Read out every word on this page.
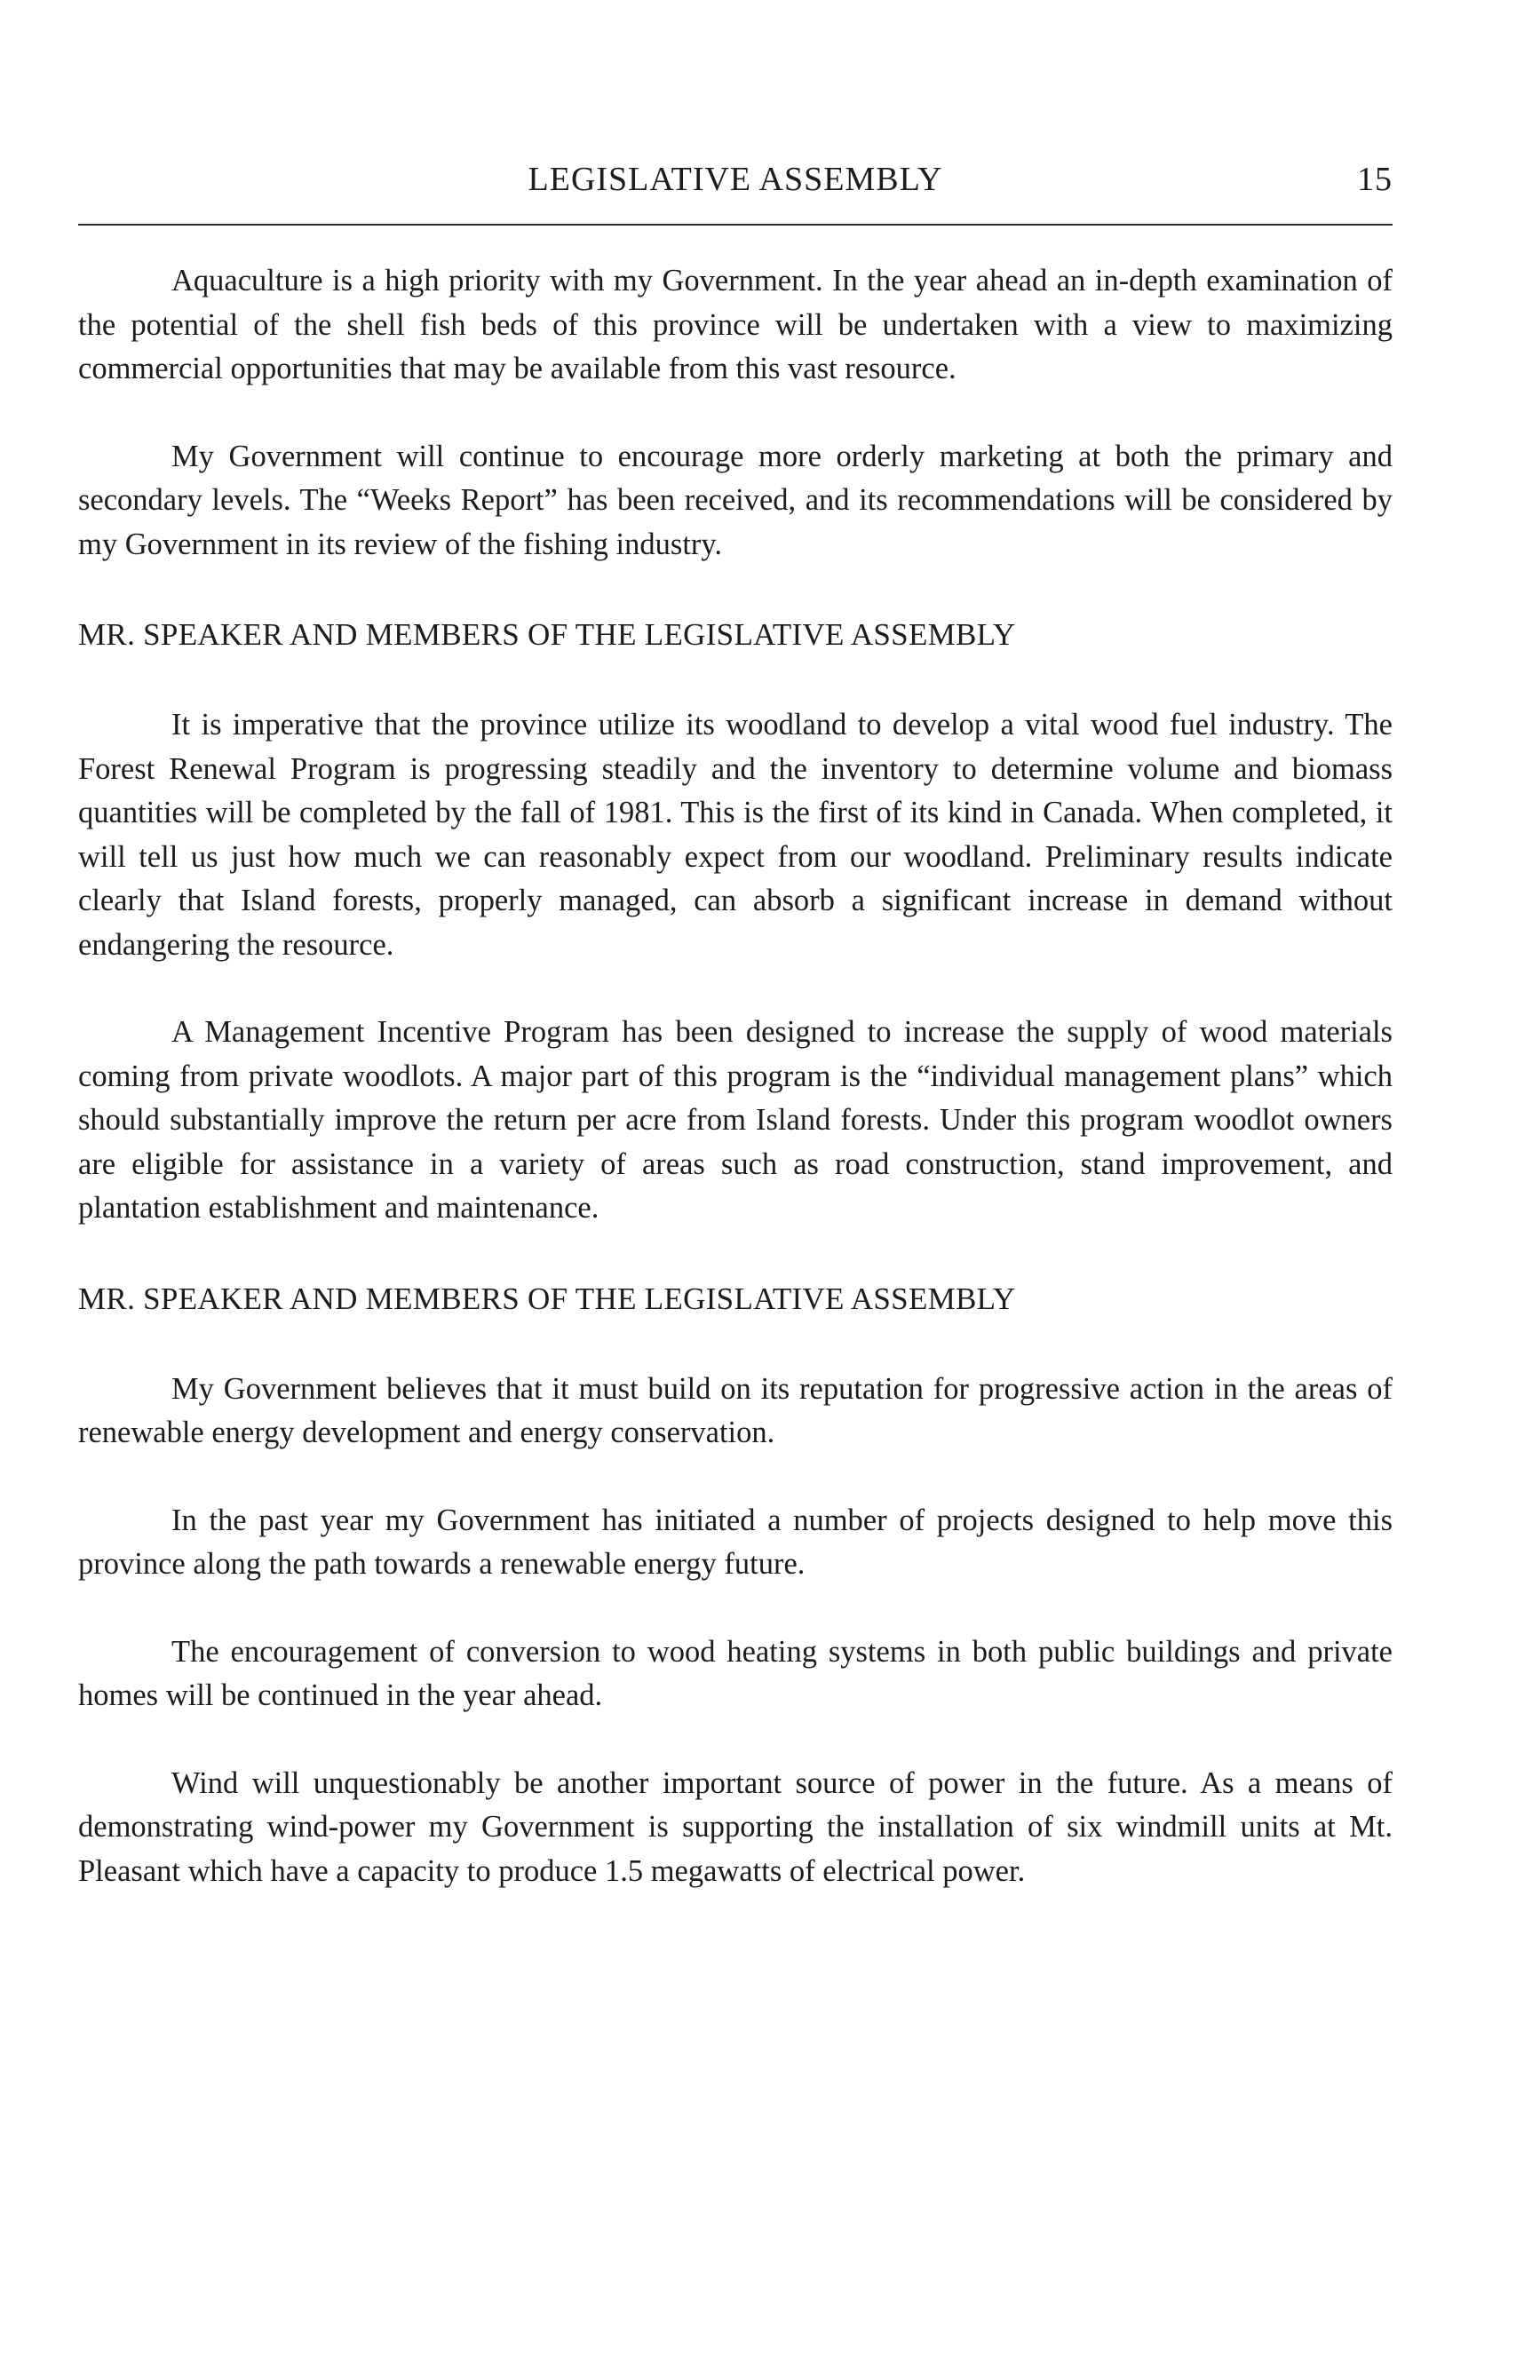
LEGISLATIVE ASSEMBLY	15

Aquaculture is a high priority with my Government. In the year ahead an in-depth examination of the potential of the shell fish beds of this province will be undertaken with a view to maximizing commercial opportunities that may be available from this vast resource.

My Government will continue to encourage more orderly marketing at both the primary and secondary levels. The “Weeks Report” has been received, and its recommendations will be considered by my Government in its review of the fishing industry.

MR. SPEAKER AND MEMBERS OF THE LEGISLATIVE ASSEMBLY

It is imperative that the province utilize its woodland to develop a vital wood fuel industry. The Forest Renewal Program is progressing steadily and the inventory to determine volume and biomass quantities will be completed by the fall of 1981. This is the first of its kind in Canada. When completed, it will tell us just how much we can reasonably expect from our woodland. Preliminary results indicate clearly that Island forests, properly managed, can absorb a significant increase in demand without endangering the resource.

A Management Incentive Program has been designed to increase the supply of wood materials coming from private woodlots. A major part of this program is the “individual management plans” which should substantially improve the return per acre from Island forests. Under this program woodlot owners are eligible for assistance in a variety of areas such as road construction, stand improvement, and plantation establishment and maintenance.

MR. SPEAKER AND MEMBERS OF THE LEGISLATIVE ASSEMBLY

My Government believes that it must build on its reputation for progressive action in the areas of renewable energy development and energy conservation.

In the past year my Government has initiated a number of projects designed to help move this province along the path towards a renewable energy future.

The encouragement of conversion to wood heating systems in both public buildings and private homes will be continued in the year ahead.

Wind will unquestionably be another important source of power in the future. As a means of demonstrating wind-power my Government is supporting the installation of six windmill units at Mt. Pleasant which have a capacity to produce 1.5 megawatts of electrical power.
